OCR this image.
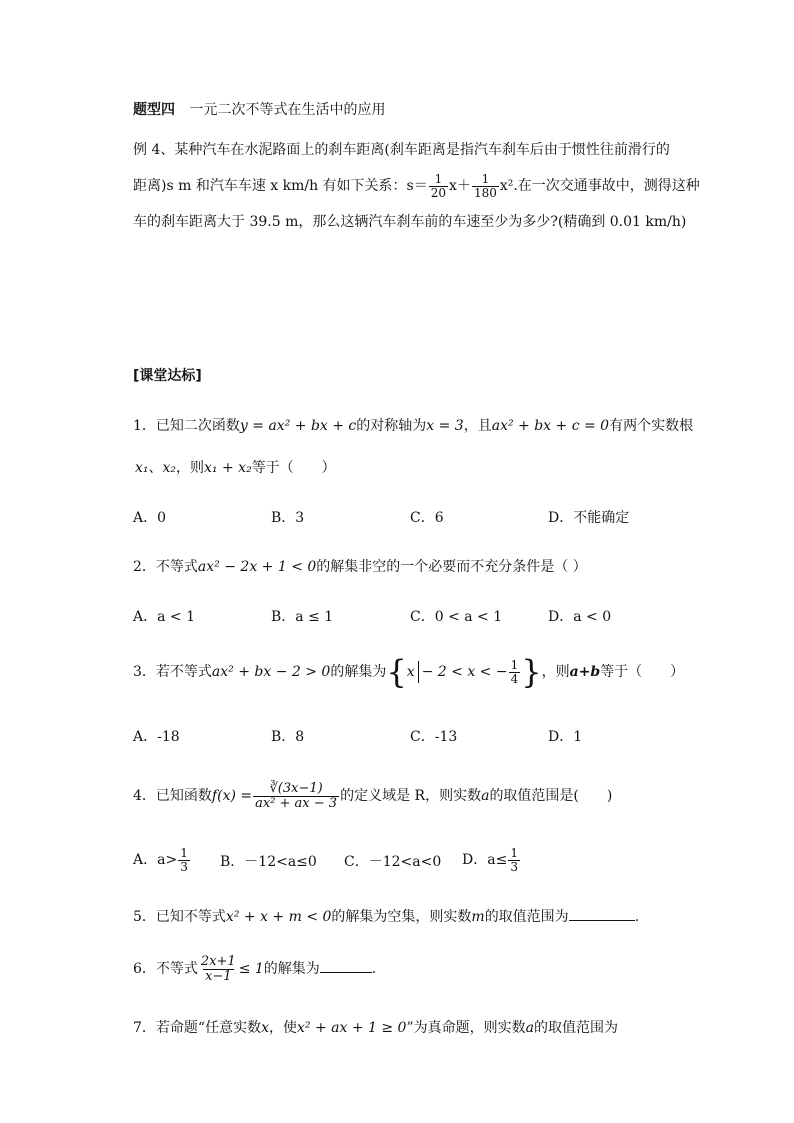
题型四 一元二次不等式在生活中的应用
例 4、某种汽车在水泥路面上的刹车距离(刹车距离是指汽车刹车后由于惯性往前滑行的
距离)s m 和汽车车速 x km/h 有如下关系：$s= \frac{1}{20} x+ \frac{1}{180} x^2$.在一次交通事故中，测得这种
车的刹车距离大于 39.5 m，那么这辆汽车刹车前的车速至少为多少?(精确到 0.01 km/h)
[课堂达标]
1．已知二次函数y = ax² + bx + c的对称轴为x = 3，且ax² + bx + c = 0有两个实数根
x₁、x₂，则x₁ + x₂等于（　　）
A．0	B．3	C．6	D．不能确定
2．不等式ax² − 2x + 1 < 0的解集非空的一个必要而不充分条件是（ ）
A．a < 1	B．a ≤ 1	C．0 < a < 1	D．a < 0
3．若不等式ax² + bx − 2 > 0的解集为{x − 2 < x < − $\frac{1}{4}$ }，则a+b等于（　　）
A．-18	B．8	C．-13	D．1
4．已知函数$f(x) = \frac{∛(3x-1)}{\text{ax² + ax − 3}}$ 的定义域是 R，则实数a的取值范围是(　　)
A．$a> \frac{1}{3}$ B．－12<a≤0 C．－12<a<0 D．$a\le \frac{1}{3}$
5．已知不等式x² + x + m < 0的解集为空集，则实数m的取值范围为	.
6．不等式 $\frac{2x+1}{x-1} \le 1$的解集为	.
7．若命题“任意实数x，使x² + ax + 1 ≥ 0”为真命题，则实数a的取值范围为
